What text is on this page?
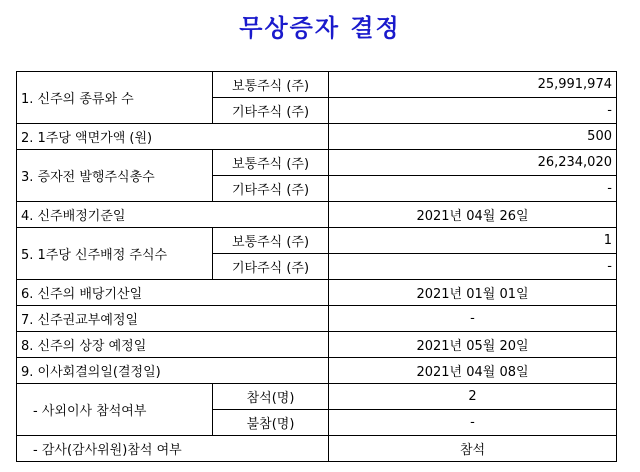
무상증자 결정
1. 신주의 종류와 수	보통주식 (주)	25,991,974
	기타주식 (주)	-
2. 1주당 액면가액 (원)		500
3. 증자전 발행주식총수	보통주식 (주)	26,234,020
	기타주식 (주)	-
4. 신주배정기준일		2021년 04월 26일
5. 1주당 신주배정 주식수	보통주식 (주)	1
	기타주식 (주)	-
6. 신주의 배당기산일		2021년 01월 01일
7. 신주권교부예정일		-
8. 신주의 상장 예정일		2021년 05월 20일
9. 이사회결의일(결정일)		2021년 04월 08일
- 사외이사 참석여부	참석(명)	2
	불참(명)	-
- 감사(감사위원)참석 여부		참석
